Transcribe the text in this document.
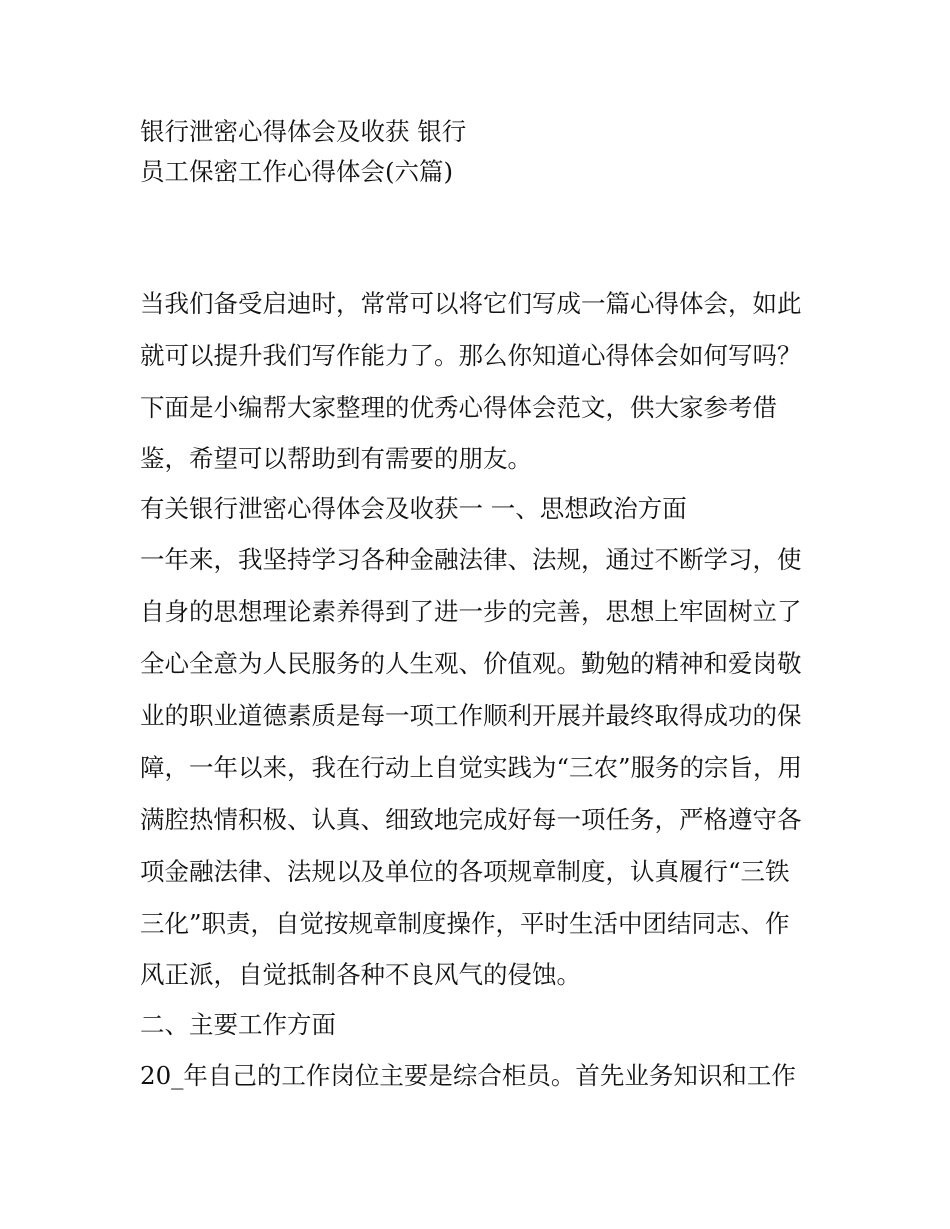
银行泄密心得体会及收获 银行
员工保密工作心得体会(六篇)
当我们备受启迪时，常常可以将它们写成一篇心得体会，如此
就可以提升我们写作能力了。那么你知道心得体会如何写吗？
下面是小编帮大家整理的优秀心得体会范文，供大家参考借
鉴，希望可以帮助到有需要的朋友。
有关银行泄密心得体会及收获一 一、思想政治方面
一年来，我坚持学习各种金融法律、法规，通过不断学习，使
自身的思想理论素养得到了进一步的完善，思想上牢固树立了
全心全意为人民服务的人生观、价值观。勤勉的精神和爱岗敬
业的职业道德素质是每一项工作顺利开展并最终取得成功的保
障，一年以来，我在行动上自觉实践为“三农”服务的宗旨，用
满腔热情积极、认真、细致地完成好每一项任务，严格遵守各
项金融法律、法规以及单位的各项规章制度，认真履行“三铁
三化”职责，自觉按规章制度操作，平时生活中团结同志、作
风正派，自觉抵制各种不良风气的侵蚀。
二、主要工作方面
20_年自己的工作岗位主要是综合柜员。首先业务知识和工作
